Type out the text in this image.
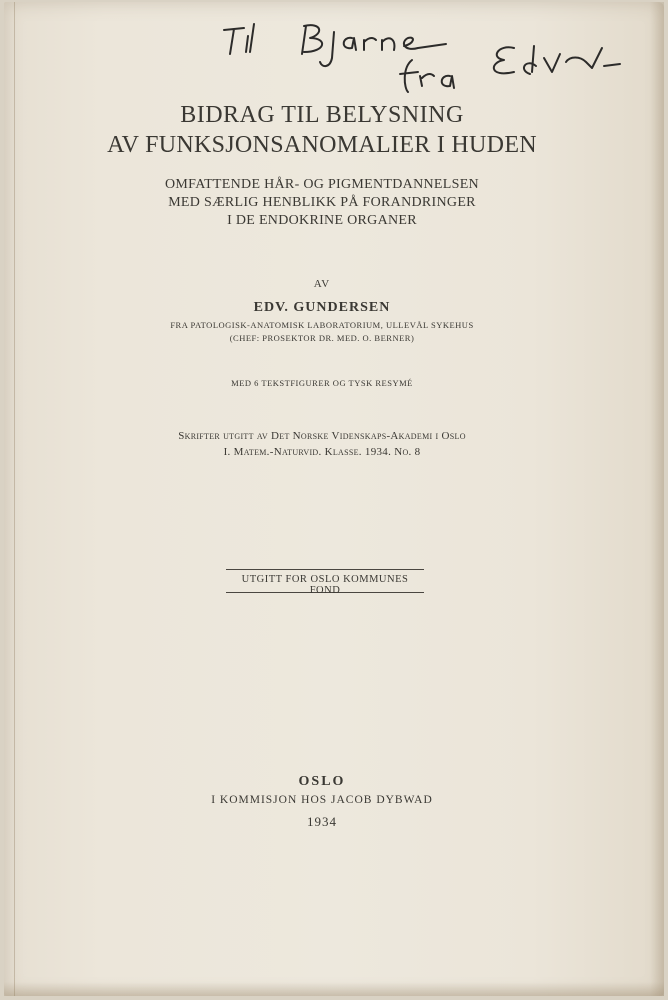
BIDRAG TIL BELYSNING
AV FUNKSJONSANOMALIER I HUDEN
OMFATTENDE HÅR- OG PIGMENTDANNELSEN
MED SÆRLIG HENBLIKK PÅ FORANDRINGER
I DE ENDOKRINE ORGANER
AV
EDV. GUNDERSEN
FRA PATOLOGISK-ANATOMISK LABORATORIUM, ULLEVÅL SYKEHUS
(CHEF: PROSEKTOR DR. MED. O. BERNER)
MED 6 TEKSTFIGURER OG TYSK RESYMÉ
Skrifter utgitt av Det Norske Videnskaps-Akademi i Oslo
I. Matem.-Naturvid. Klasse. 1934. No. 8
UTGITT FOR OSLO KOMMUNES FOND
OSLO
I KOMMISJON HOS JACOB DYBWAD
1934
